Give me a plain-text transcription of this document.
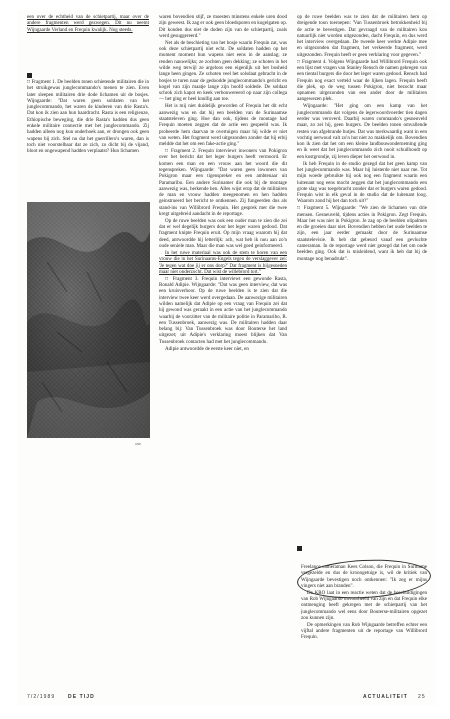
een over de echtheid van de schietpartij, maar over de andere fragmenten werd gezwegen. Dit nu neemt Wijngaarde Verland en Frequin kwalijk. Nog steeds.

□ Fragment 1. De beelden tonen schietende militairen die in het struikgewas junglecommando's menen te zien. Even later sleepen militairen drie dode lichamen uit de bosjes. Wijngaarde: "Dat waren geen soldaten van het junglecommando, het waren de kinderen van drie Rasta's. Dat kon ik zien aan hun haardracht. Rasta is een religieuze, Ethiopische beweging, die drie Rasta's hadden dus geen enkele militaire connectie met het junglecommando. Zij hadden alleen nog kun onderhoek aan, er drongen ook geen wapens bij zich. Stel nu dat het guerrillero's waren, dan is toch niet voorstelbaar dat ze zich, zo dicht bij de vijand, bloot en ongewapend hadden verplaatst? Hun lichamen

ANP

waren bovendien stijf, ze moesten minstens enkele uren dood zijn geweest. Ik zag er ook geen bloedsporen en kogelgaten op. Dit konden dus niet de doden zijn van de schietpartij, zoals werd gesuggereerd."

Net als de beschieting van het bosje waarin Frequin zat, was ook deze schietpartij niet echt. De soldaten hadden op het moment moment hun wapens niet eens in de aanslag; ze renden nauwelijks; ze zochten geen dekking; ze schoten in het wilde weg terwijl ze argeloos een eigenlijk uit het bosheid lange heen gingen. Ze schoten veel het solsdaat gebracht in de bosjes te turen naar de gedoodde junglecommando's gericht en kogel van zijn maatje lange zijn hoofd soldede. De soldaat schrok zich kapot en keek verbouwereerd op naar zijn collega — het ging er heel knullig aan toe.

Het is mij niet duidelijk geworden of Frequin het dit echt aanwezig was en dat hij een beelden van de Surinaamse staatsteleven ging. Hoe dan ook, tijdens de montage had Frequin moeten zeggen dat de actie een gespeeld was. Ik probeerde hem daarvan te overtuigen maar hij wilde er niet van weten. Het fragment werd uitgezonden zonder dat hij erbij meldde dat het om een fake-actie ging."

□ Fragment 2. Frequin interviewt inwoners van Pokigron over het bericht dat het leger burgers heeft vermoord. Er komen een man en een vrouw aan het woord die dit tegenspreken. Wijngaarde: "Dat waren geen inwoners van Pokigron maar een tigenspreker en een ambtenaar uit Paramaribo. Een andere Surinamer die ook bij de montage aanwezig was, herkende hen. Alles wijst erop dat de militairen de man en vrouw hadden meegenomen en hen hadden geinstrueerd het bericht te ontkennen. Zij fungeerden dus als stand-ins van Willibrord Frequin. Het gesprek met die twee kregt uitgebreid aandacht in de reportage.

Op de ruwe beelden was ook een ouder man te zien die zei dat er wel degelijk burgers door het leger waren gedood. Dat fragment knipte Frequin eruit. Op mijn vraag waarom hij dat deed, antwoordde hij letterlijk: ach, wat heb ik nou aan zo'n oude seniele man. Maar die man was wel goed geinformeerd.

In het ruwe materiaal was ook de stem te horen van een vrouw die in het Surinaams-Engels tegen de verslaggever zei: 'Je tegen wat doe jij er ons dorp?' Dat fragment is bijgesneden maar niet onderzocht. Dat wist de willebrord tort."

□ Fragment 3. Frequin interviewt een gewonde Rasta, Ronald Adipie. Wijngaarde: "Dat was geen interview, dat was een kruisverhoor. Op de ruwe beelden is te zien dat die interview twee keer werd overgedaan. De aanwezige militairen wilden namelijk dat Adipie op een vraag van Frequin zei dat hij gewond was geraakt in een actie van het junglecommando waarbij de voorzitter van de militaire politie in Paramaribo, R. een Tussenbroek, aanwezig was. De militairen hadden daar belang bij: Van Tussenbroek was door Bouterse het land uitgezet; uit Adipie's verklaring moest blijken dat Van Tussenbroek contacten had met het junglecommando.

Adipie antwoordde de eerste keer niet, en

op de ruwe beelden was te zien dat de militairen hem op dreigende toon toeroepen: 'Van Tussenbroek betrokkenheid bij de actie te bevestigen. Dat gevraagd van de militairen kon natuurlijk niet worden uitgezonden, dacht Frequin, en dus werd het interview overgedaan. De tweede keer werkte Adipie mee en uitgezonden dat fragment, het verkeerde fragment, werd uitgezonden. Frequin heeft er geen verklaring voor gegeven."

□ Fragment 4. Volgens Wijngaarde had Willibrord Frequin ook een lijst met vragen van Stanley Rensch de namen gekregen van een tiental burgers die door het leger waren gedood. Rensch had Frequin nog exact verteld waar de lijken lagen. Frequin heeft die plek, op de weg tussen Pokigron, niet bezocht maar opnamen uitgezonden van een ander door de militairen aangewezen plek.

Wijngaarde: "Het ging om een kamp van het junglecommando dat volgens de legerwoordvoerder tien dagen eerder was veroverd. Daarbij waren commando's gesneuveld maar, zo zei hij, geen burgers. De beelden tonen omvallende resten van afgebrande hutjes. Dat was merkwaardig want in een vochtig oerwoud valt zo'n hut niet zo makkelijk om. Bovendien kon ik zien dat het om een kleine landbouwonderneming ging en ik weet dat het junglecommando zich nooit schuilhoudt op een kostgrondje, zij leven dieper het oerwoud in.

Ik heb Frequin in de studio gezegd dat het geen kamp van het junglecommando was. Maar hij luisterde niet naar me. Tot mijn woede gebruikte hij ook nog een fragment waarin een luitenant nog eens mocht zeggen dat het junglecommando een grote slag was toegebracht zonder dat er burgers waren gedood. Frequin wist in elk geval in de studio dat de luitenant loog. Waarom zond hij het dan toch uit?"

□ Fragment 5. Wijngaarde: "We zien de lichamen van drie mensen. Gesneuveld, tijdens acties in Pokigron. Zegt Frequin. Maar het was niet in Pokigron. Je zag op de beelden olipalmen en die groeien daar niet. Bovendien hebben het oude beelden te zijn, een jaar eerder gemaakt door de Surinaamse staatstelevisie. Ik heb dat gebeurd vanaf een gevluchte cameraman. In de reportage werd niet gezegd dat het om oude beelden ging. Ook dat is misleidend, want ik heb dat bij de montage nog benadrukt".

Freelance-cameraman Kees Colson, die Frequin in Suriname vergezelde en dus de kroongetuige is, wil de kritiek van Wijngaarde bevestigen noch ontkennen: "Ik zeg er mijns vingers niet aan branden".

De KRO laat in een reactie weten dat de beschuldigingen van Rob Wijngaarde onvoorheeld van zijn en dat Frequin elke ontmenging heeft gekregen met de schietpartij van het junglecommando wel eens door Bouterse-militairen opgezet zou kunnen zijn.

De opmerkingen van Rob Wijngaarde betreffen echter een vijftal andere fragmenten uit de reportage van Willibrord Frequin.

7/2/1989	DE TIJD	ACTUALITEIT 25
